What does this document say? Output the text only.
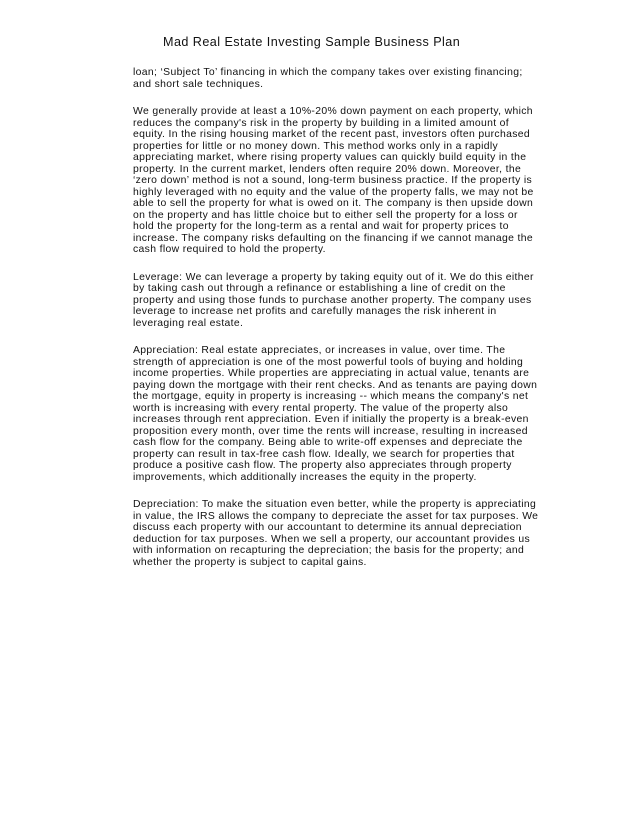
Mad Real Estate Investing Sample Business Plan

loan; ‘Subject To’ financing in which the company takes over existing financing; and short sale techniques.

We generally provide at least a 10%-20% down payment on each property, which reduces the company's risk in the property by building in a limited amount of equity. In the rising housing market of the recent past, investors often purchased properties for little or no money down. This method works only in a rapidly appreciating market, where rising property values can quickly build equity in the property. In the current market, lenders often require 20% down. Moreover, the ‘zero down’ method is not a sound, long-term business practice. If the property is highly leveraged with no equity and the value of the property falls, we may not be able to sell the property for what is owed on it. The company is then upside down on the property and has little choice but to either sell the property for a loss or hold the property for the long-term as a rental and wait for property prices to increase. The company risks defaulting on the financing if we cannot manage the cash flow required to hold the property.

Leverage: We can leverage a property by taking equity out of it. We do this either by taking cash out through a refinance or establishing a line of credit on the property and using those funds to purchase another property. The company uses leverage to increase net profits and carefully manages the risk inherent in leveraging real estate.

Appreciation: Real estate appreciates, or increases in value, over time. The strength of appreciation is one of the most powerful tools of buying and holding income properties. While properties are appreciating in actual value, tenants are paying down the mortgage with their rent checks. And as tenants are paying down the mortgage, equity in property is increasing -- which means the company's net worth is increasing with every rental property. The value of the property also increases through rent appreciation. Even if initially the property is a break-even proposition every month, over time the rents will increase, resulting in increased cash flow for the company. Being able to write-off expenses and depreciate the property can result in tax-free cash flow. Ideally, we search for properties that produce a positive cash flow. The property also appreciates through property improvements, which additionally increases the equity in the property.

Depreciation: To make the situation even better, while the property is appreciating in value, the IRS allows the company to depreciate the asset for tax purposes. We discuss each property with our accountant to determine its annual depreciation deduction for tax purposes. When we sell a property, our accountant provides us with information on recapturing the depreciation; the basis for the property; and whether the property is subject to capital gains.
